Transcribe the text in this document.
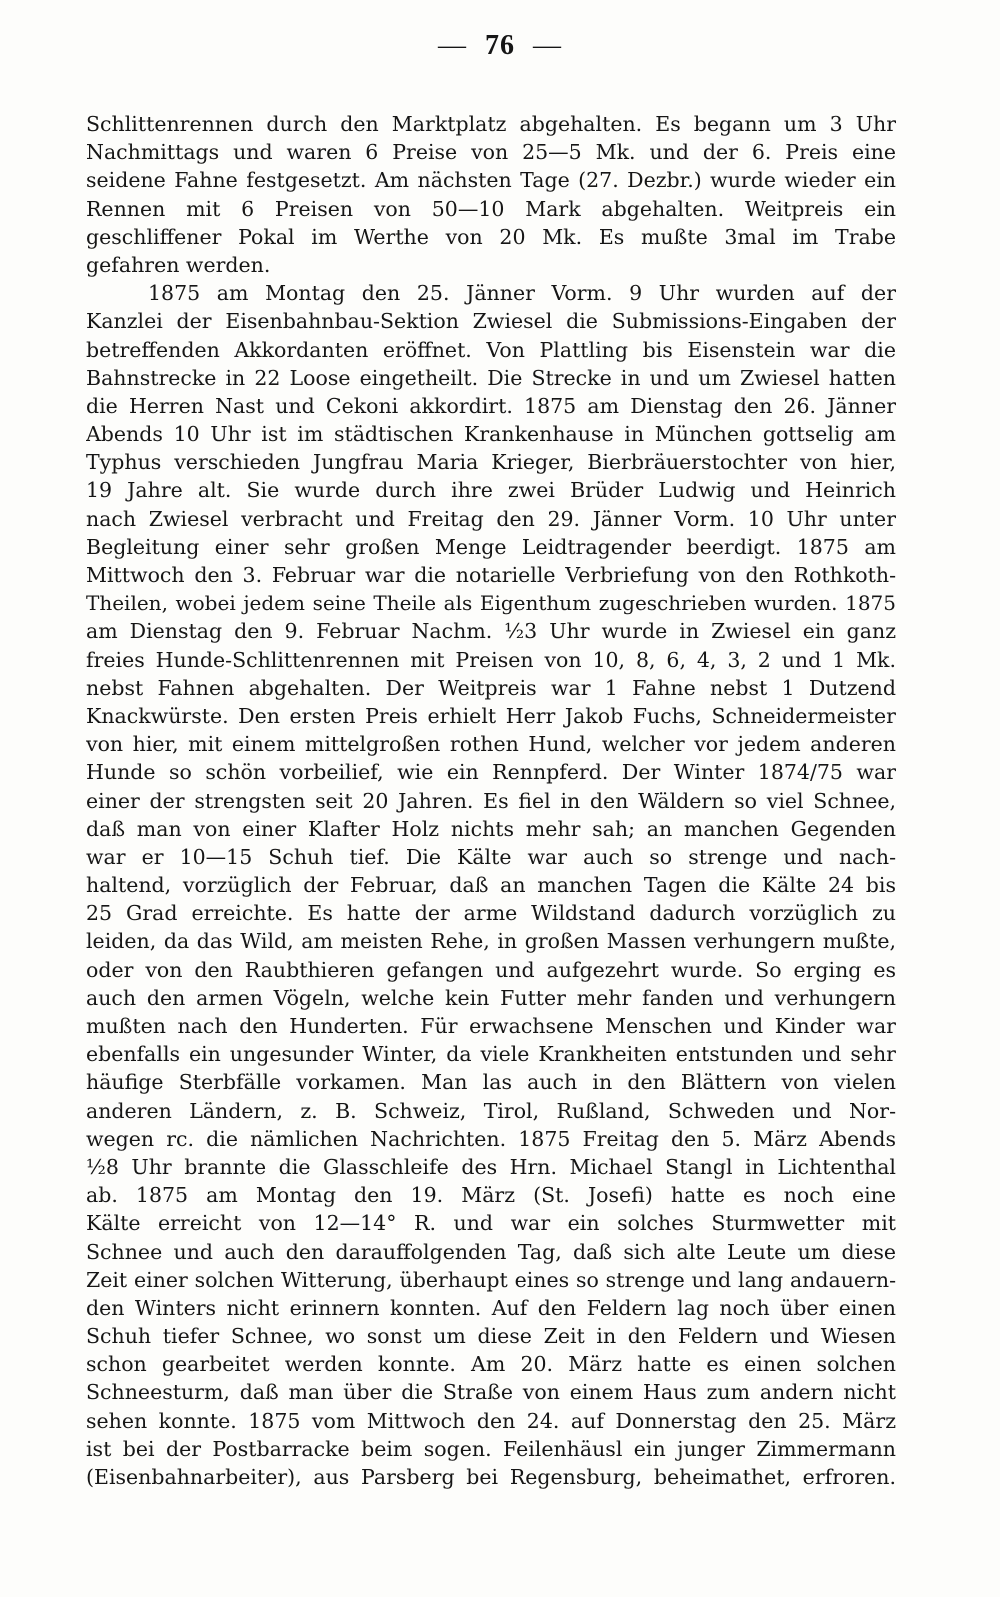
— 76 —
Schlittenrennen durch den Marktplatz abgehalten. Es begann um 3 Uhr
Nachmittags und waren 6 Preise von 25—5 Mk. und der 6. Preis eine
seidene Fahne festgesetzt. Am nächsten Tage (27. Dezbr.) wurde wieder ein
Rennen mit 6 Preisen von 50—10 Mark abgehalten. Weitpreis ein
geschliffener Pokal im Werthe von 20 Mk. Es mußte 3mal im Trabe
gefahren werden.
1875 am Montag den 25. Jänner Vorm. 9 Uhr wurden auf der
Kanzlei der Eisenbahnbau-Sektion Zwiesel die Submissions-Eingaben der
betreffenden Akkordanten eröffnet. Von Plattling bis Eisenstein war die
Bahnstrecke in 22 Loose eingetheilt. Die Strecke in und um Zwiesel hatten
die Herren Nast und Cekoni akkordirt. 1875 am Dienstag den 26. Jänner
Abends 10 Uhr ist im städtischen Krankenhause in München gottselig am
Typhus verschieden Jungfrau Maria Krieger, Bierbräuerstochter von hier,
19 Jahre alt. Sie wurde durch ihre zwei Brüder Ludwig und Heinrich
nach Zwiesel verbracht und Freitag den 29. Jänner Vorm. 10 Uhr unter
Begleitung einer sehr großen Menge Leidtragender beerdigt. 1875 am
Mittwoch den 3. Februar war die notarielle Verbriefung von den Rothkoth-
Theilen, wobei jedem seine Theile als Eigenthum zugeschrieben wurden. 1875
am Dienstag den 9. Februar Nachm. ½3 Uhr wurde in Zwiesel ein ganz
freies Hunde-Schlittenrennen mit Preisen von 10, 8, 6, 4, 3, 2 und 1 Mk.
nebst Fahnen abgehalten. Der Weitpreis war 1 Fahne nebst 1 Dutzend
Knackwürste. Den ersten Preis erhielt Herr Jakob Fuchs, Schneidermeister
von hier, mit einem mittelgroßen rothen Hund, welcher vor jedem anderen
Hunde so schön vorbeilief, wie ein Rennpferd. Der Winter 1874/75 war
einer der strengsten seit 20 Jahren. Es fiel in den Wäldern so viel Schnee,
daß man von einer Klafter Holz nichts mehr sah; an manchen Gegenden
war er 10—15 Schuh tief. Die Kälte war auch so strenge und nach-
haltend, vorzüglich der Februar, daß an manchen Tagen die Kälte 24 bis
25 Grad erreichte. Es hatte der arme Wildstand dadurch vorzüglich zu
leiden, da das Wild, am meisten Rehe, in großen Massen verhungern mußte,
oder von den Raubthieren gefangen und aufgezehrt wurde. So erging es
auch den armen Vögeln, welche kein Futter mehr fanden und verhungern
mußten nach den Hunderten. Für erwachsene Menschen und Kinder war
ebenfalls ein ungesunder Winter, da viele Krankheiten entstunden und sehr
häufige Sterbfälle vorkamen. Man las auch in den Blättern von vielen
anderen Ländern, z. B. Schweiz, Tirol, Rußland, Schweden und Nor-
wegen rc. die nämlichen Nachrichten. 1875 Freitag den 5. März Abends
½8 Uhr brannte die Glasschleife des Hrn. Michael Stangl in Lichtenthal
ab. 1875 am Montag den 19. März (St. Josefi) hatte es noch eine
Kälte erreicht von 12—14° R. und war ein solches Sturmwetter mit
Schnee und auch den darauffolgenden Tag, daß sich alte Leute um diese
Zeit einer solchen Witterung, überhaupt eines so strenge und lang andauern-
den Winters nicht erinnern konnten. Auf den Feldern lag noch über einen
Schuh tiefer Schnee, wo sonst um diese Zeit in den Feldern und Wiesen
schon gearbeitet werden konnte. Am 20. März hatte es einen solchen
Schneesturm, daß man über die Straße von einem Haus zum andern nicht
sehen konnte. 1875 vom Mittwoch den 24. auf Donnerstag den 25. März
ist bei der Postbarracke beim sogen. Feilenhäusl ein junger Zimmermann
(Eisenbahnarbeiter), aus Parsberg bei Regensburg, beheimathet, erfroren.
